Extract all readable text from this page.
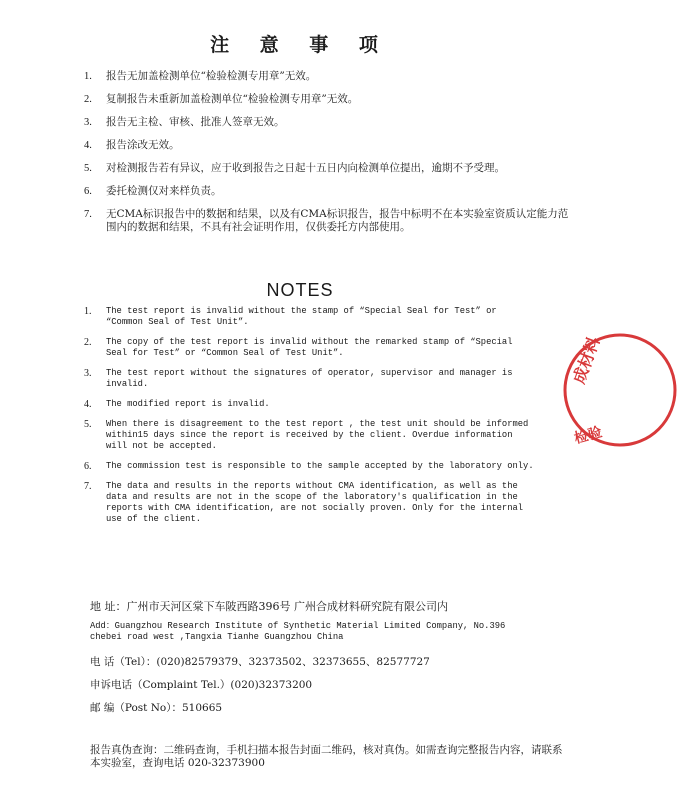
注 意 事 项
1.	报告无加盖检测单位“检验检测专用章”无效。
2.	复制报告未重新加盖检测单位“检验检测专用章”无效。
3.	报告无主检、审核、批准人签章无效。
4.	报告涂改无效。
5.	对检测报告若有异议，应于收到报告之日起十五日内向检测单位提出，逾期不予受理。
6.	委托检测仅对来样负责。
7.	无CMA标识报告中的数据和结果，以及有CMA标识报告，报告中标明不在本实验室资质认定能力范围内的数据和结果，不具有社会证明作用，仅供委托方内部使用。
NOTES
1.	The test report is invalid without the stamp of “Special Seal for Test” or
“Common Seal of Test Unit”.
2.	The copy of the test report is invalid without the remarked stamp of “Special
Seal for Test” or “Common Seal of Test Unit”.
3.	The test report without the signatures of operator, supervisor and manager is
invalid.
4.	The modified report is invalid.
5.	When there is disagreement to the test report , the test unit should be informed
within15 days since the report is received by the client. Overdue information
will not be accepted.
6.	The commission test is responsible to the sample accepted by the laboratory only.
7.	The data and results in the reports without CMA identification, as well as the
data and results are not in the scope of the laboratory's qualification in the
reports with CMA identification, are not socially proven. Only for the internal
use of the client.
地 址：广州市天河区棠下车陂西路396号 广州合成材料研究院有限公司内
Add：Guangzhou Research Institute of Synthetic Material Limited Company, No.396
chebei road west ,Tangxia Tianhe Guangzhou China
电 话（Tel）：(020)82579379、32373502、32373655、82577727
申诉电话（Complaint Tel.）(020)32373200
邮 编（Post No）：510665
报告真伪查询：二维码查询，手机扫描本报告封面二维码，核对真伪。如需查询完整报告内容，请联系本实验室，查询电话 020-32373900
成材料
检验
